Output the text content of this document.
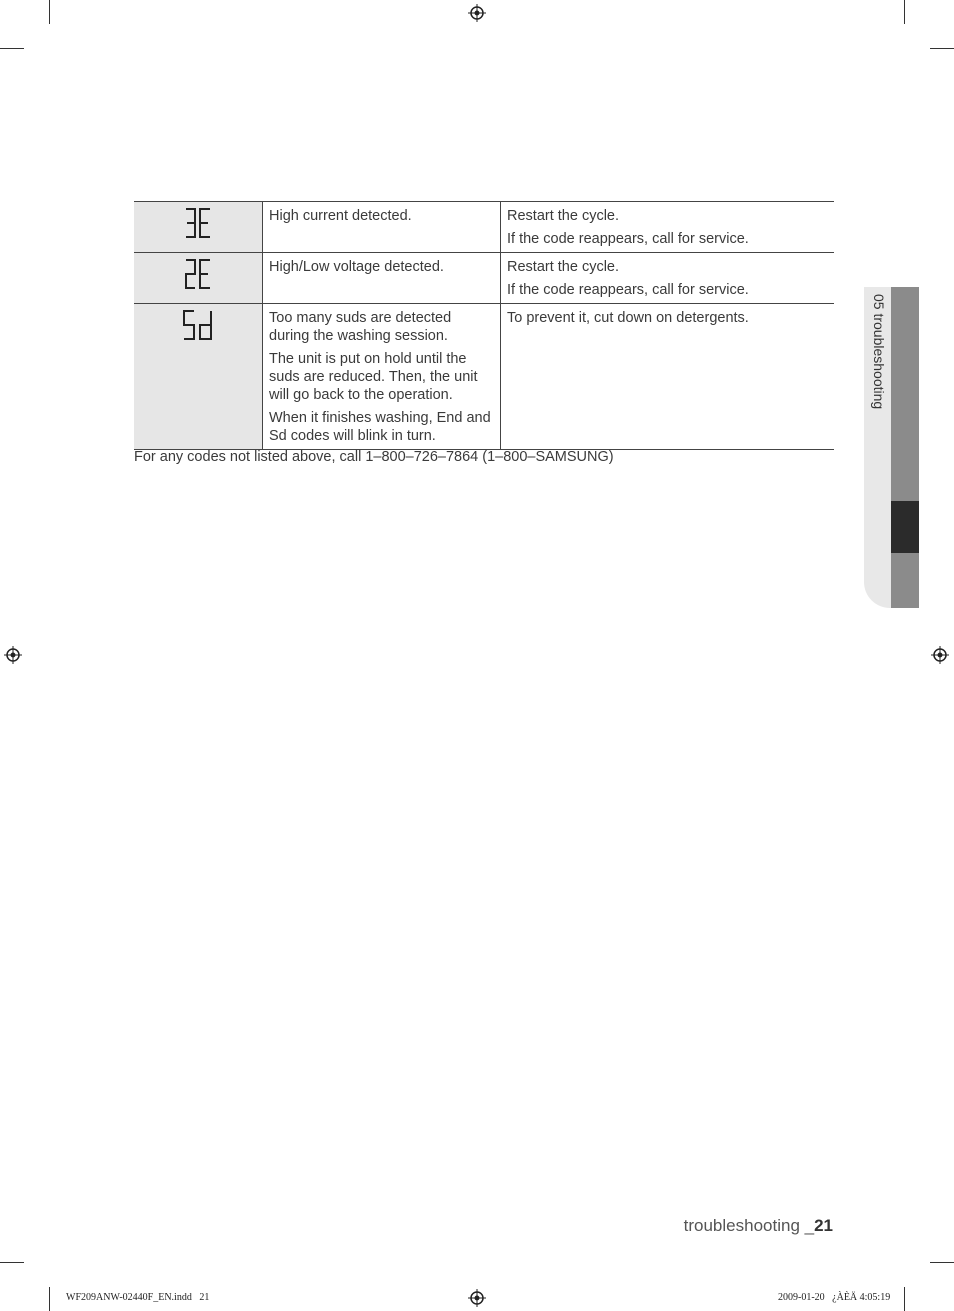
High current detected.	Restart the cycle.

If the code reappears, call for service.

High/Low voltage detected.	Restart the cycle.

If the code reappears, call for service.

Too many suds are detected during the washing session.

The unit is put on hold until the suds are reduced. Then, the unit will go back to the operation.

When it finishes washing, End and Sd codes will blink in turn.	To prevent it, cut down on detergents.

For any codes not listed above, call 1–800–726–7864 (1–800–SAMSUNG)

05 troubleshooting
troubleshooting _21
WF209ANW-02440F_EN.indd   21	2009-01-20   ¿ÀÈÄ 4:05:19
